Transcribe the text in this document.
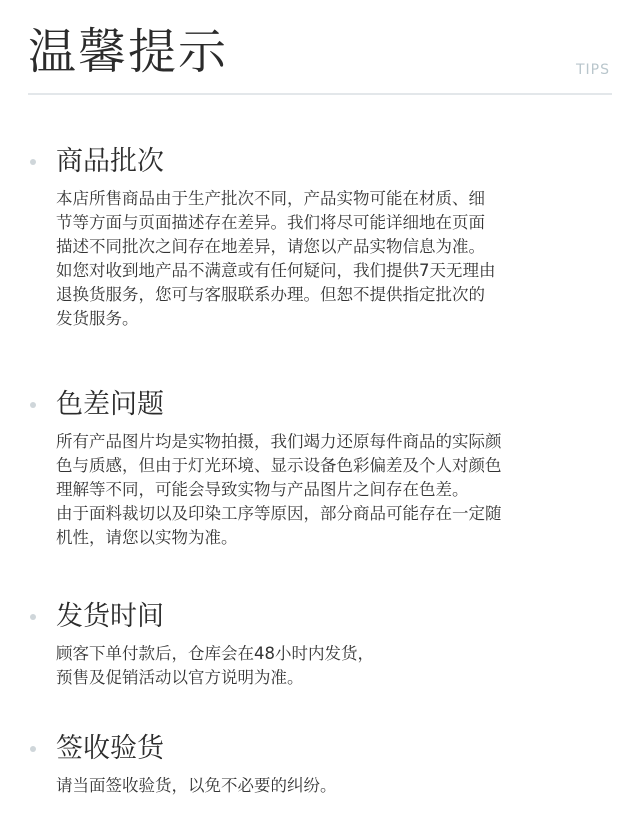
温馨提示	TIPS
商品批次
本店所售商品由于生产批次不同，产品实物可能在材质、细
节等方面与页面描述存在差异。我们将尽可能详细地在页面
描述不同批次之间存在地差异，请您以产品实物信息为准。
如您对收到地产品不满意或有任何疑问，我们提供7天无理由
退换货服务，您可与客服联系办理。但恕不提供指定批次的
发货服务。
色差问题
所有产品图片均是实物拍摄，我们竭力还原每件商品的实际颜
色与质感，但由于灯光环境、显示设备色彩偏差及个人对颜色
理解等不同，可能会导致实物与产品图片之间存在色差。
由于面料裁切以及印染工序等原因，部分商品可能存在一定随
机性，请您以实物为准。
发货时间
顾客下单付款后，仓库会在48小时内发货，
预售及促销活动以官方说明为准。
签收验货
请当面签收验货，以免不必要的纠纷。
